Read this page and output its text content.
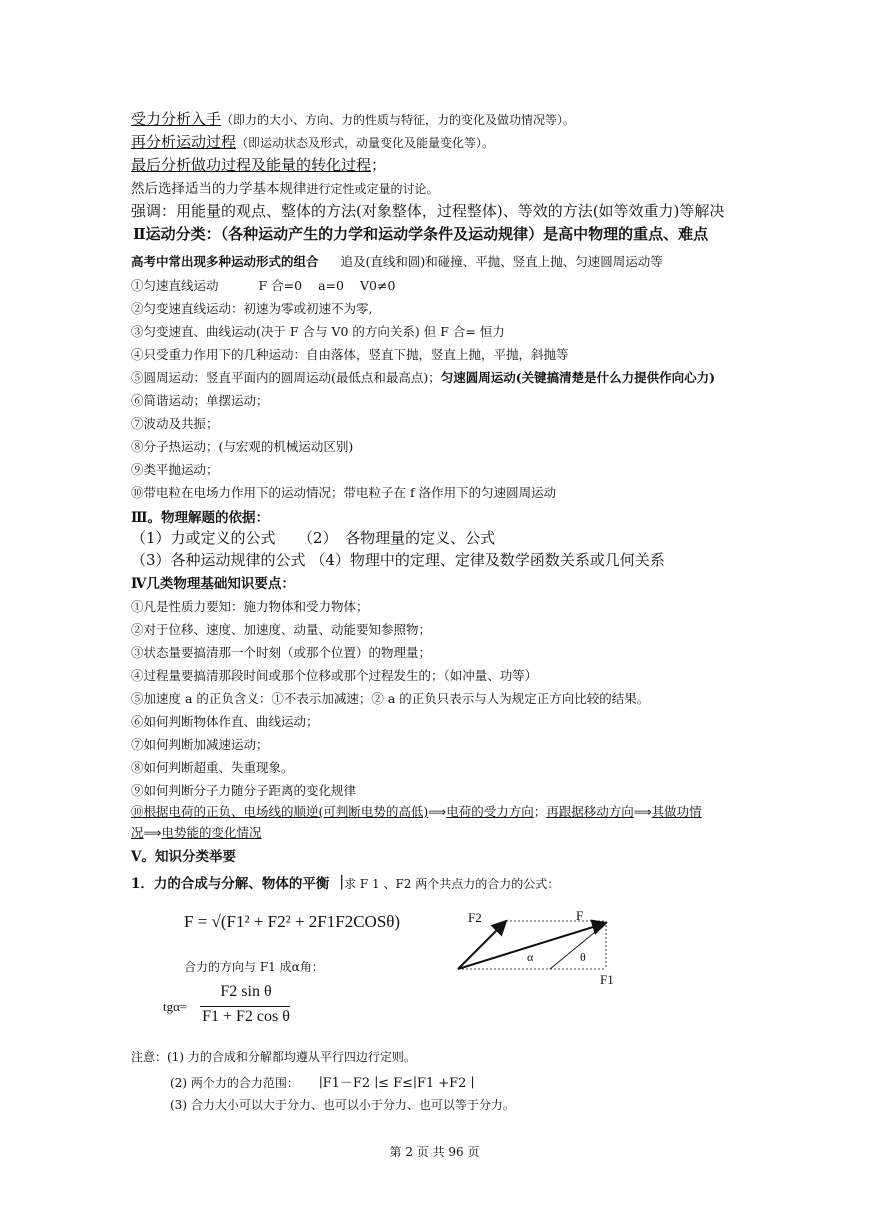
受力分析入手（即力的大小、方向、力的性质与特征，力的变化及做功情况等）。
再分析运动过程（即运动状态及形式，动量变化及能量变化等）。
最后分析做功过程及能量的转化过程；
然后选择适当的力学基本规律进行定性或定量的讨论。
强调：用能量的观点、整体的方法(对象整体，过程整体)、等效的方法(如等效重力)等解决
Ⅱ运动分类：（各种运动产生的力学和运动学条件及运动规律）是高中物理的重点、难点
高考中常出现多种运动形式的组合 追及(直线和圆)和碰撞、平抛、竖直上抛、匀速圆周运动等
①匀速直线运动	F 合=0 a=0 V0≠0
②匀变速直线运动：初速为零或初速不为零,
③匀变速直、曲线运动(决于 F 合与 V0 的方向关系) 但 F 合= 恒力
④只受重力作用下的几种运动：自由落体，竖直下抛，竖直上抛，平抛，斜抛等
⑤圆周运动：竖直平面内的圆周运动(最低点和最高点)；匀速圆周运动(关键搞清楚是什么力提供作向心力)
⑥简谐运动；单摆运动；
⑦波动及共振；
⑧分子热运动；(与宏观的机械运动区别)
⑨类平抛运动；
⑩带电粒在电场力作用下的运动情况；带电粒子在 f 洛作用下的匀速圆周运动
Ⅲ。物理解题的依据：
（1）力或定义的公式　　（2）　各物理量的定义、公式
（3）各种运动规律的公式 （4）物理中的定理、定律及数学函数关系或几何关系
Ⅳ几类物理基础知识要点：
①凡是性质力要知：施力物体和受力物体；
②对于位移、速度、加速度、动量、动能要知参照物；
③状态量要搞清那一个时刻（或那个位置）的物理量；
④过程量要搞清那段时间或那个位移或那个过程发生的；（如冲量、功等）
⑤加速度 a 的正负含义：①不表示加减速；② a 的正负只表示与人为规定正方向比较的结果。
⑥如何判断物体作直、曲线运动；
⑦如何判断加减速运动；
⑧如何判断超重、失重现象。
⑨如何判断分子力随分子距离的变化规律
⑩根据电荷的正负、电场线的顺逆(可判断电势的高低)⟹电荷的受力方向；再跟据移动方向⟹其做功情
况⟹电势能的变化情况
V。知识分类举要
1．力的合成与分解、物体的平衡 ∣求 F 1 、F2 两个共点力的合力的公式：
F = √(F1² + F2² + 2F1F2COSθ)
合力的方向与 F1 成α角：
tgα=
F2 sin θ
F1 + F2 cos θ
F2	F
α	θ
F1
注意：(1) 力的合成和分解都均遵从平行四边行定则。
(2) 两个力的合力范围： ∣F1－F2 ∣≤ F≤∣F1 +F2 ∣
(3) 合力大小可以大于分力、也可以小于分力、也可以等于分力。
第 2 页 共 96 页
